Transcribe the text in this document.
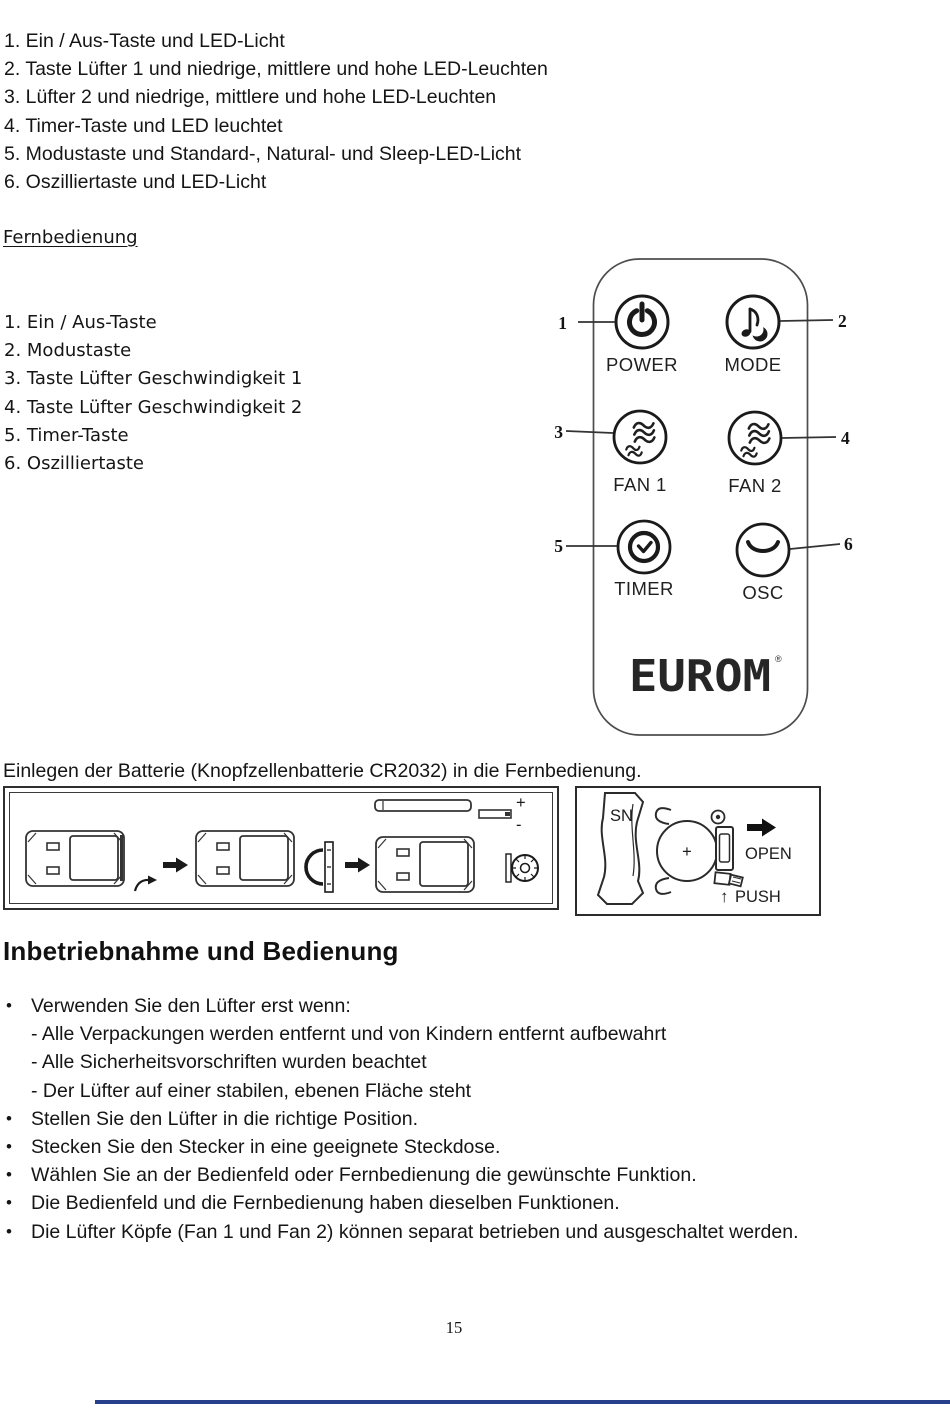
1. Ein / Aus-Taste und LED-Licht
2. Taste Lüfter 1 und niedrige, mittlere und hohe LED-Leuchten
3. Lüfter 2 und niedrige, mittlere und hohe LED-Leuchten
4. Timer-Taste und LED leuchtet
5. Modustaste und Standard-, Natural- und Sleep-LED-Licht
6. Oszilliertaste und LED-Licht
Fernbedienung
1. Ein / Aus-Taste
2. Modustaste
3. Taste Lüfter Geschwindigkeit 1
4. Taste Lüfter Geschwindigkeit 2
5. Timer-Taste
6. Oszilliertaste
POWER	MODE
FAN 1	FAN 2
TIMER	OSC
EUROM ®
1	2
3	4
5	6
Einlegen der Batterie (Knopfzellenbatterie CR2032) in die Fernbedienung.
+
-	SN
+	OPEN
↑ PUSH
Inbetriebnahme und Bedienung
• Verwenden Sie den Lüfter erst wenn:
- Alle Verpackungen werden entfernt und von Kindern entfernt aufbewahrt
- Alle Sicherheitsvorschriften wurden beachtet
- Der Lüfter auf einer stabilen, ebenen Fläche steht
• Stellen Sie den Lüfter in die richtige Position.
• Stecken Sie den Stecker in eine geeignete Steckdose.
• Wählen Sie an der Bedienfeld oder Fernbedienung die gewünschte Funktion.
• Die Bedienfeld und die Fernbedienung haben dieselben Funktionen.
• Die Lüfter Köpfe (Fan 1 und Fan 2) können separat betrieben und ausgeschaltet werden.
15
